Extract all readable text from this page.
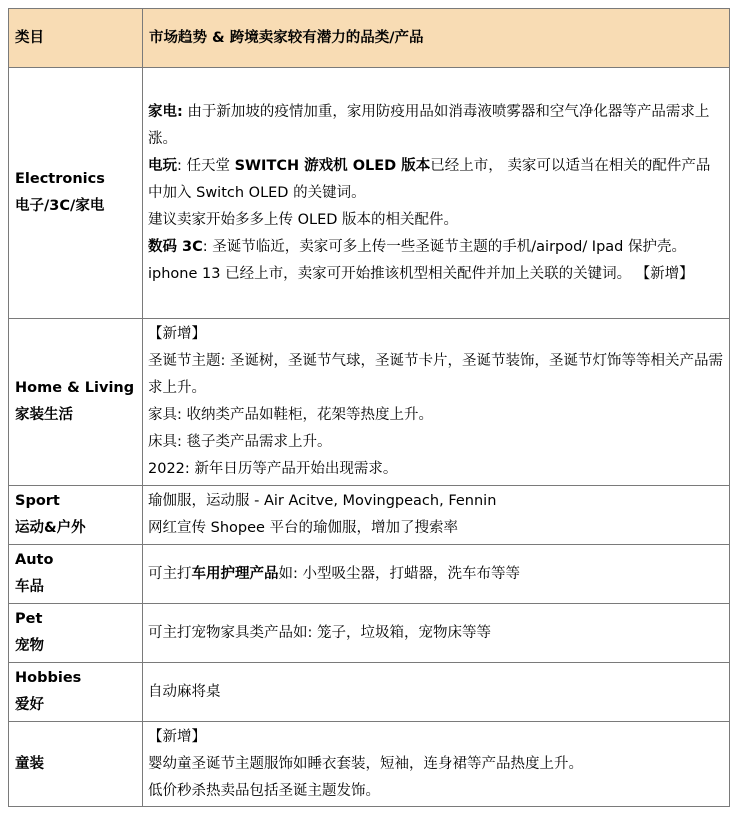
类目	市场趋势 & 跨境卖家较有潜力的品类/产品

Electronics
电子/3C/家电	家电: 由于新加坡的疫情加重，家用防疫用品如消毒液喷雾器和空气净化器等产品需求上涨。
电玩: 任天堂 SWITCH 游戏机 OLED 版本已经上市， 卖家可以适当在相关的配件产品中加入 Switch OLED 的关键词。
建议卖家开始多多上传 OLED 版本的相关配件。
数码 3C: 圣诞节临近，卖家可多上传一些圣诞节主题的手机/airpod/ Ipad 保护壳。
iphone 13 已经上市，卖家可开始推该机型相关配件并加上关联的关键词。 【新增】

Home & Living
家装生活	【新增】
圣诞节主题: 圣诞树，圣诞节气球，圣诞节卡片，圣诞节装饰，圣诞节灯饰等等相关产品需求上升。
家具: 收纳类产品如鞋柜，花架等热度上升。
床具: 毯子类产品需求上升。
2022: 新年日历等产品开始出现需求。

Sport
运动&户外	瑜伽服，运动服 - Air Acitve, Movingpeach, Fennin
网红宣传 Shopee 平台的瑜伽服，增加了搜索率

Auto
车品	可主打车用护理产品如: 小型吸尘器，打蜡器，洗车布等等

Pet
宠物	可主打宠物家具类产品如: 笼子，垃圾箱，宠物床等等

Hobbies
爱好	自动麻将桌

童装	【新增】
婴幼童圣诞节主题服饰如睡衣套装，短袖，连身裙等产品热度上升。
低价秒杀热卖品包括圣诞主题发饰。
